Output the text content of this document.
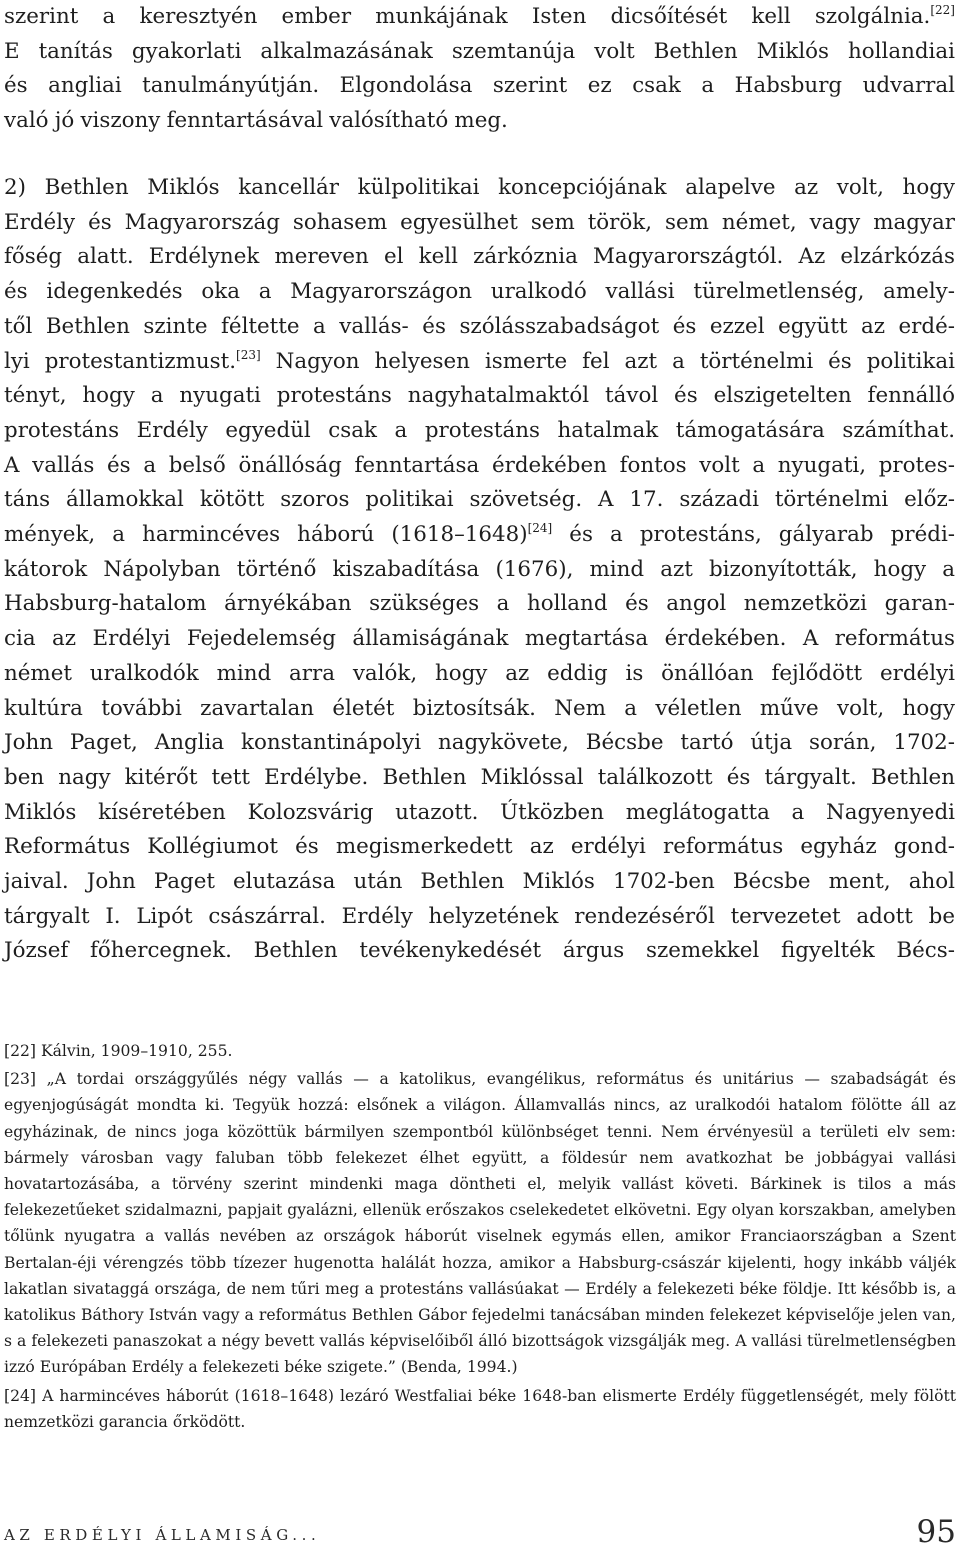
szerint a keresztyén ember munkájának Isten dicsőítését kell szolgálnia.[22]
E tanítás gyakorlati alkalmazásának szemtanúja volt Bethlen Miklós hollandiai
és angliai tanulmányútján. Elgondolása szerint ez csak a Habsburg udvarral
való jó viszony fenntartásával valósítható meg.
2) Bethlen Miklós kancellár külpolitikai koncepciójának alapelve az volt, hogy
Erdély és Magyarország sohasem egyesülhet sem török, sem német, vagy magyar
főség alatt. Erdélynek mereven el kell zárkóznia Magyarországtól. Az elzárkózás
és idegenkedés oka a Magyarországon uralkodó vallási türelmetlenség, amely-
től Bethlen szinte féltette a vallás- és szólásszabadságot és ezzel együtt az erdé-
lyi protestantizmust.[23] Nagyon helyesen ismerte fel azt a történelmi és politikai
tényt, hogy a nyugati protestáns nagyhatalmaktól távol és elszigetelten fennálló
protestáns Erdély egyedül csak a protestáns hatalmak támogatására számíthat.
A vallás és a belső önállóság fenntartása érdekében fontos volt a nyugati, protes-
táns államokkal kötött szoros politikai szövetség. A 17. századi történelmi előz-
mények, a harmincéves háború (1618–1648)[24] és a protestáns, gályarab prédi-
kátorok Nápolyban történő kiszabadítása (1676), mind azt bizonyították, hogy a
Habsburg-hatalom árnyékában szükséges a holland és angol nemzetközi garan-
cia az Erdélyi Fejedelemség államiságának megtartása érdekében. A református
német uralkodók mind arra valók, hogy az eddig is önállóan fejlődött erdélyi
kultúra további zavartalan életét biztosítsák. Nem a véletlen műve volt, hogy
John Paget, Anglia konstantinápolyi nagykövete, Bécsbe tartó útja során, 1702-
ben nagy kitérőt tett Erdélybe. Bethlen Miklóssal találkozott és tárgyalt. Bethlen
Miklós kíséretében Kolozsvárig utazott. Útközben meglátogatta a Nagyenyedi
Református Kollégiumot és megismerkedett az erdélyi református egyház gond-
jaival. John Paget elutazása után Bethlen Miklós 1702-ben Bécsbe ment, ahol
tárgyalt I. Lipót császárral. Erdély helyzetének rendezéséről tervezetet adott be
József főhercegnek. Bethlen tevékenykedését árgus szemekkel figyelték Bécs-

[22] Kálvin, 1909–1910, 255.

[23] „A tordai országgyűlés négy vallás — a katolikus, evangélikus, református és unitárius — szabadságát és egyenjogúságát mondta ki. Tegyük hozzá: elsőnek a világon. Államvallás nincs, az uralkodói hatalom fölötte áll az egyházinak, de nincs joga közöttük bármilyen szempontból különbséget tenni. Nem érvényesül a területi elv sem: bármely városban vagy faluban több felekezet élhet együtt, a földesúr nem avatkozhat be jobbágyai vallási hovatartozásába, a törvény szerint mindenki maga döntheti el, melyik vallást követi. Bárkinek is tilos a más felekezetűeket szidalmazni, papjait gyalázni, ellenük erőszakos cselekedetet elkövetni. Egy olyan korszakban, amelyben tőlünk nyugatra a vallás nevében az országok háborút viselnek egymás ellen, amikor Franciaországban a Szent Bertalan-éji vérengzés több tízezer hugenotta halálát hozza, amikor a Habsburg-császár kijelenti, hogy inkább váljék lakatlan sivataggá országa, de nem tűri meg a protestáns vallásúakat — Erdély a felekezeti béke földje. Itt később is, a katolikus Báthory István vagy a református Bethlen Gábor fejedelmi tanácsában minden felekezet képviselője jelen van, s a felekezeti panaszokat a négy bevett vallás képviselőiből álló bizottságok vizsgálják meg. A vallási türelmetlenségben izzó Európában Erdély a felekezeti béke szigete.” (Benda, 1994.)

[24] A harmincéves háborút (1618–1648) lezáró Westfaliai béke 1648-ban elismerte Erdély függetlenségét, mely fölött nemzetközi garancia őrködött.

AZ ERDÉLYI ÁLLAMISÁG...	95
